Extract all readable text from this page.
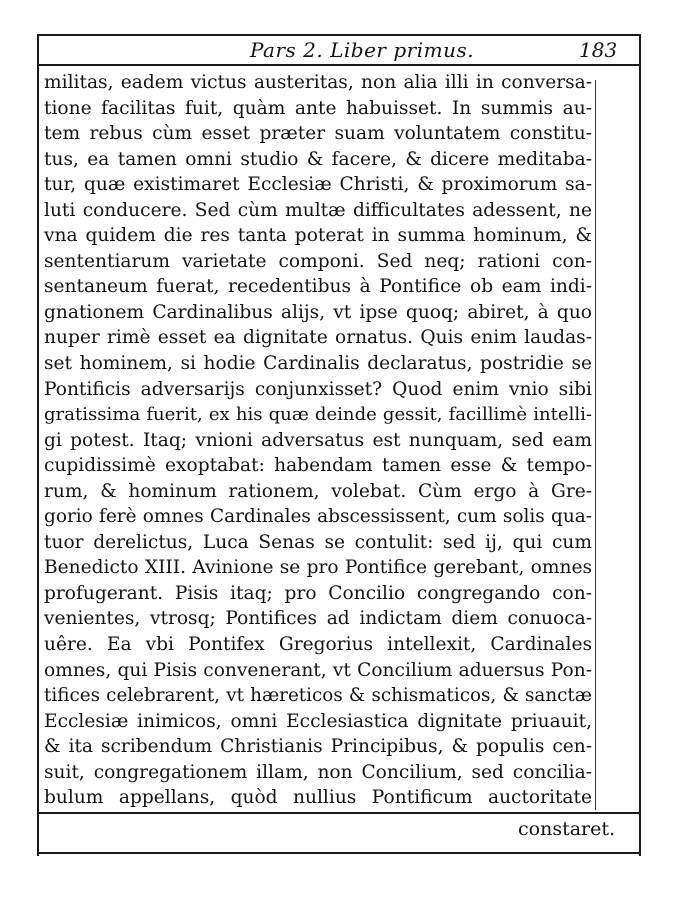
Pars 2. Liber primus.	183
militas, eadem victus austeritas, non alia illi in conversa-
tione facilitas fuit, quàm ante habuisset. In summis au-
tem rebus cùm esset præter suam voluntatem constitu-
tus, ea tamen omni studio & facere, & dicere meditaba-
tur, quæ existimaret Ecclesiæ Christi, & proximorum sa-
luti conducere. Sed cùm multæ difficultates adessent, ne
vna quidem die res tanta poterat in summa hominum, &
sententiarum varietate componi. Sed neq; rationi con-
sentaneum fuerat, recedentibus à Pontifice ob eam indi-
gnationem Cardinalibus alijs, vt ipse quoq; abiret, à quo
nuper rimè esset ea dignitate ornatus. Quis enim laudas-
set hominem, si hodie Cardinalis declaratus, postridie se
Pontificis adversarijs conjunxisset? Quod enim vnio sibi
gratissima fuerit, ex his quæ deinde gessit, facillimè intelli-
gi potest. Itaq; vnioni adversatus est nunquam, sed eam
cupidissimè exoptabat: habendam tamen esse & tempo-
rum, & hominum rationem, volebat. Cùm ergo à Gre-
gorio ferè omnes Cardinales abscessissent, cum solis qua-
tuor derelictus, Luca Senas se contulit: sed ij, qui cum
Benedicto XIII. Avinione se pro Pontifice gerebant, omnes
profugerant. Pisis itaq; pro Concilio congregando con-
venientes, vtrosq; Pontifices ad indictam diem conuoca-
uêre. Ea vbi Pontifex Gregorius intellexit, Cardinales
omnes, qui Pisis convenerant, vt Concilium aduersus Pon-
tifices celebrarent, vt hæreticos & schismaticos, & sanctæ
Ecclesiæ inimicos, omni Ecclesiastica dignitate priuauit,
& ita scribendum Christianis Principibus, & populis cen-
suit, congregationem illam, non Concilium, sed concilia-
bulum appellans, quòd nullius Pontificum auctoritate
constaret.
